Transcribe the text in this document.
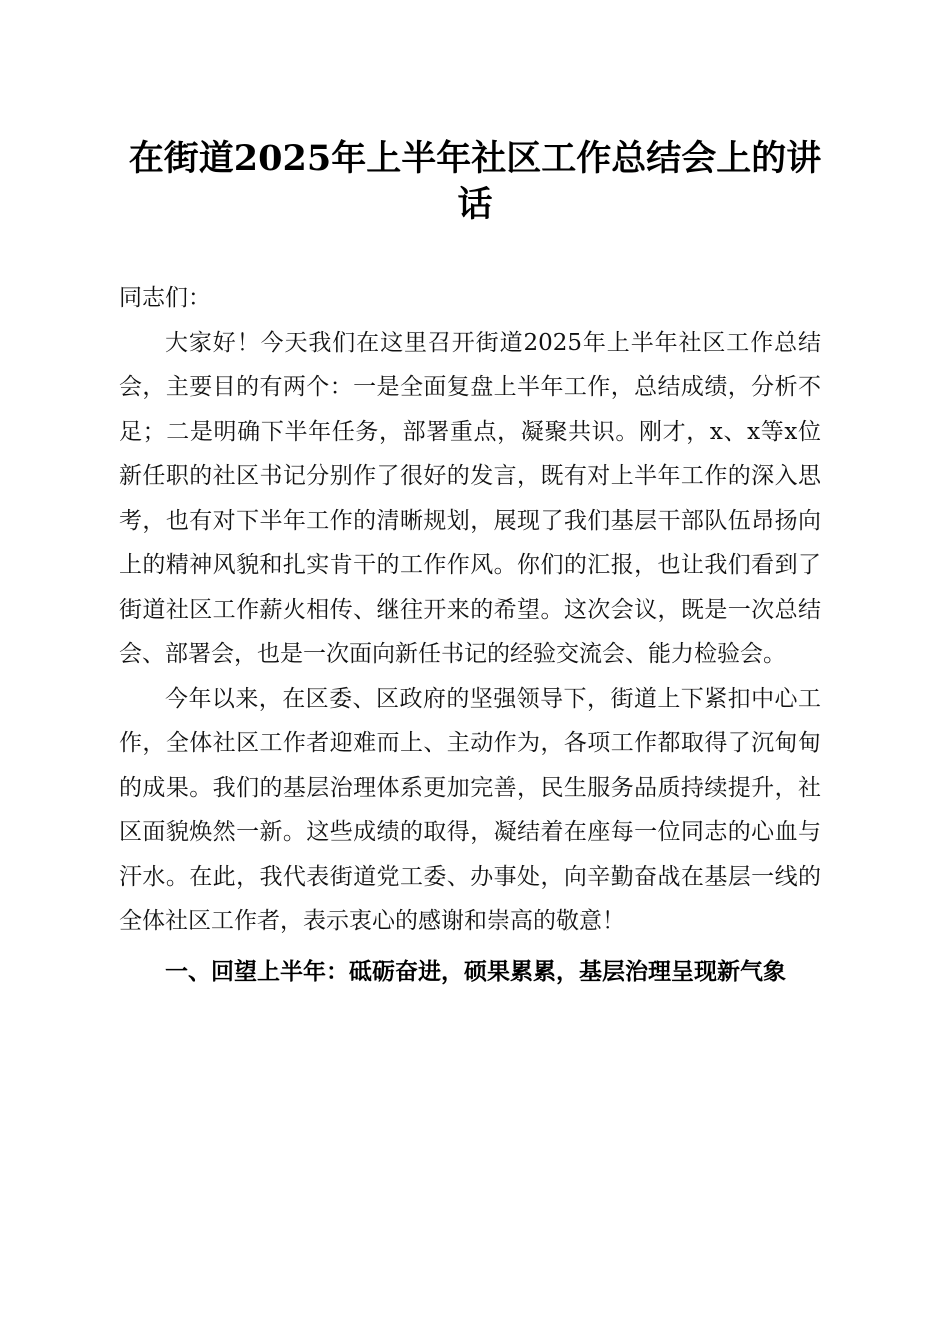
在街道2025年上半年社区工作总结会上的讲话

同志们：

大家好！今天我们在这里召开街道2025年上半年社区工作总结会，主要目的有两个：一是全面复盘上半年工作，总结成绩，分析不足；二是明确下半年任务，部署重点，凝聚共识。刚才，x、x等x位新任职的社区书记分别作了很好的发言，既有对上半年工作的深入思考，也有对下半年工作的清晰规划，展现了我们基层干部队伍昂扬向上的精神风貌和扎实肯干的工作作风。你们的汇报，也让我们看到了街道社区工作薪火相传、继往开来的希望。这次会议，既是一次总结会、部署会，也是一次面向新任书记的经验交流会、能力检验会。

今年以来，在区委、区政府的坚强领导下，街道上下紧扣中心工作，全体社区工作者迎难而上、主动作为，各项工作都取得了沉甸甸的成果。我们的基层治理体系更加完善，民生服务品质持续提升，社区面貌焕然一新。这些成绩的取得，凝结着在座每一位同志的心血与汗水。在此，我代表街道党工委、办事处，向辛勤奋战在基层一线的全体社区工作者，表示衷心的感谢和崇高的敬意！

一、回望上半年：砥砺奋进，硕果累累，基层治理呈现新气象
